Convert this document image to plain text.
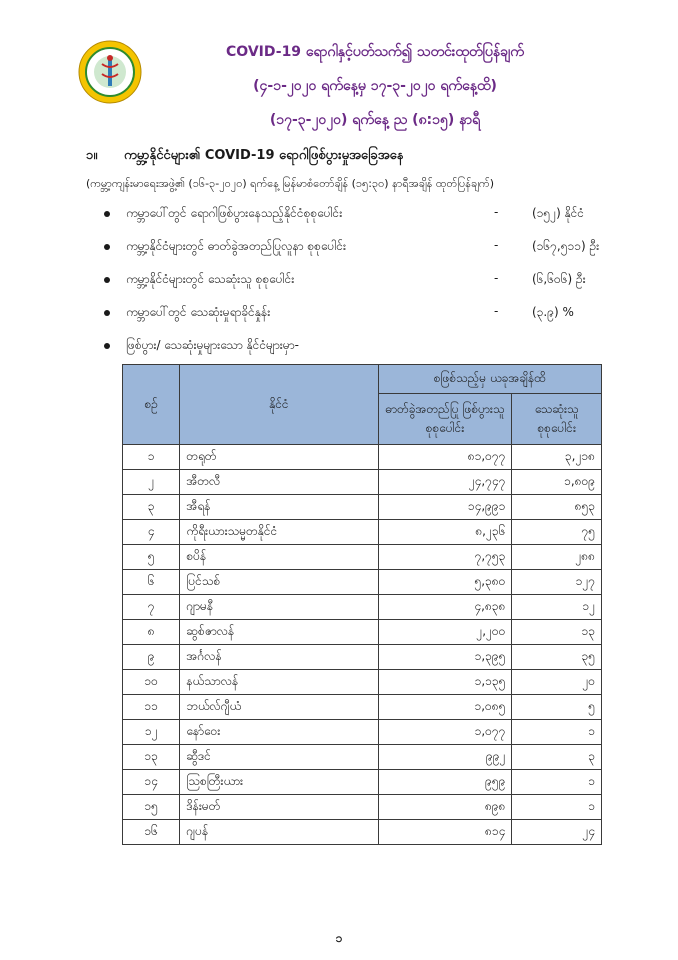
COVID-19 ရောဂါနှင့်ပတ်သက်၍ သတင်းထုတ်ပြန်ချက်
(၄-၁-၂၀၂၀ ရက်နေ့မှ ၁၇-၃-၂၀၂၀ ရက်နေ့ထိ)
(၁၇-၃-၂၀၂၀) ရက်နေ့ ည (၈:၁၅) နာရီ
၁။ ကမ္ဘာ့နိုင်ငံများ၏ COVID-19 ရောဂါဖြစ်ပွားမှုအခြေအနေ
(ကမ္ဘာ့ကျန်းမာရေးအဖွဲ့၏ (၁၆-၃-၂၀၂၀) ရက်နေ့ မြန်မာစံတော်ချိန် (၁၅:၃၀) နာရီအချိန် ထုတ်ပြန်ချက်)
ကမ္ဘာပေါ်တွင် ရောဂါဖြစ်ပွားနေသည့်နိုင်ငံစုစုပေါင်း	-	(၁၅၂) နိုင်ငံ
ကမ္ဘာ့နိုင်ငံများတွင် ဓာတ်ခွဲအတည်ပြုလူနာ စုစုပေါင်း	-	(၁၆၇,၅၁၁) ဦး
ကမ္ဘာ့နိုင်ငံများတွင် သေဆုံးသူ စုစုပေါင်း	-	(၆,၆၀၆) ဦး
ကမ္ဘာပေါ်တွင် သေဆုံးမှုရာခိုင်နှုန်း	-	(၃.၉) %
ဖြစ်ပွား/ သေဆုံးမှုများသော နိုင်ငံများမှာ-
စဉ်	နိုင်ငံ	စဖြစ်သည့်မှ ယခုအချိန်ထိ	
		ဓာတ်ခွဲအတည်ပြု ဖြစ်ပွားသူ စုစုပေါင်း	သေဆုံးသူ စုစုပေါင်း
၁	တရုတ်	၈၁,၀၇၇	၃,၂၁၈
၂	အီတလီ	၂၄,၇၄၇	၁,၈၀၉
၃	အီရန်	၁၄,၉၉၁	၈၅၃
၄	ကိုရီးယားသမ္မတနိုင်ငံ	၈,၂၃၆	၇၅
၅	စပိန်	၇,၇၅၃	၂၈၈
၆	ပြင်သစ်	၅,၃၈၀	၁၂၇
၇	ဂျာမနီ	၄,၈၃၈	၁၂
၈	ဆွစ်ဇာလန်	၂,၂၀၀	၁၃
၉	အင်္ဂလန်	၁,၃၉၅	၃၅
၁၀	နယ်သာလန်	၁,၁၃၅	၂၀
၁၁	ဘယ်လ်ဂျီယံ	၁,၀၈၅	၅
၁၂	နော်ဝေး	၁,၀၇၇	၁
၁၃	ဆွီဒင်	၉၉၂	၃
၁၄	သြစတြီးယား	၉၅၉	၁
၁၅	ဒိန်းမတ်	၈၉၈	၁
၁၆	ဂျပန်	၈၁၄	၂၄
၁
